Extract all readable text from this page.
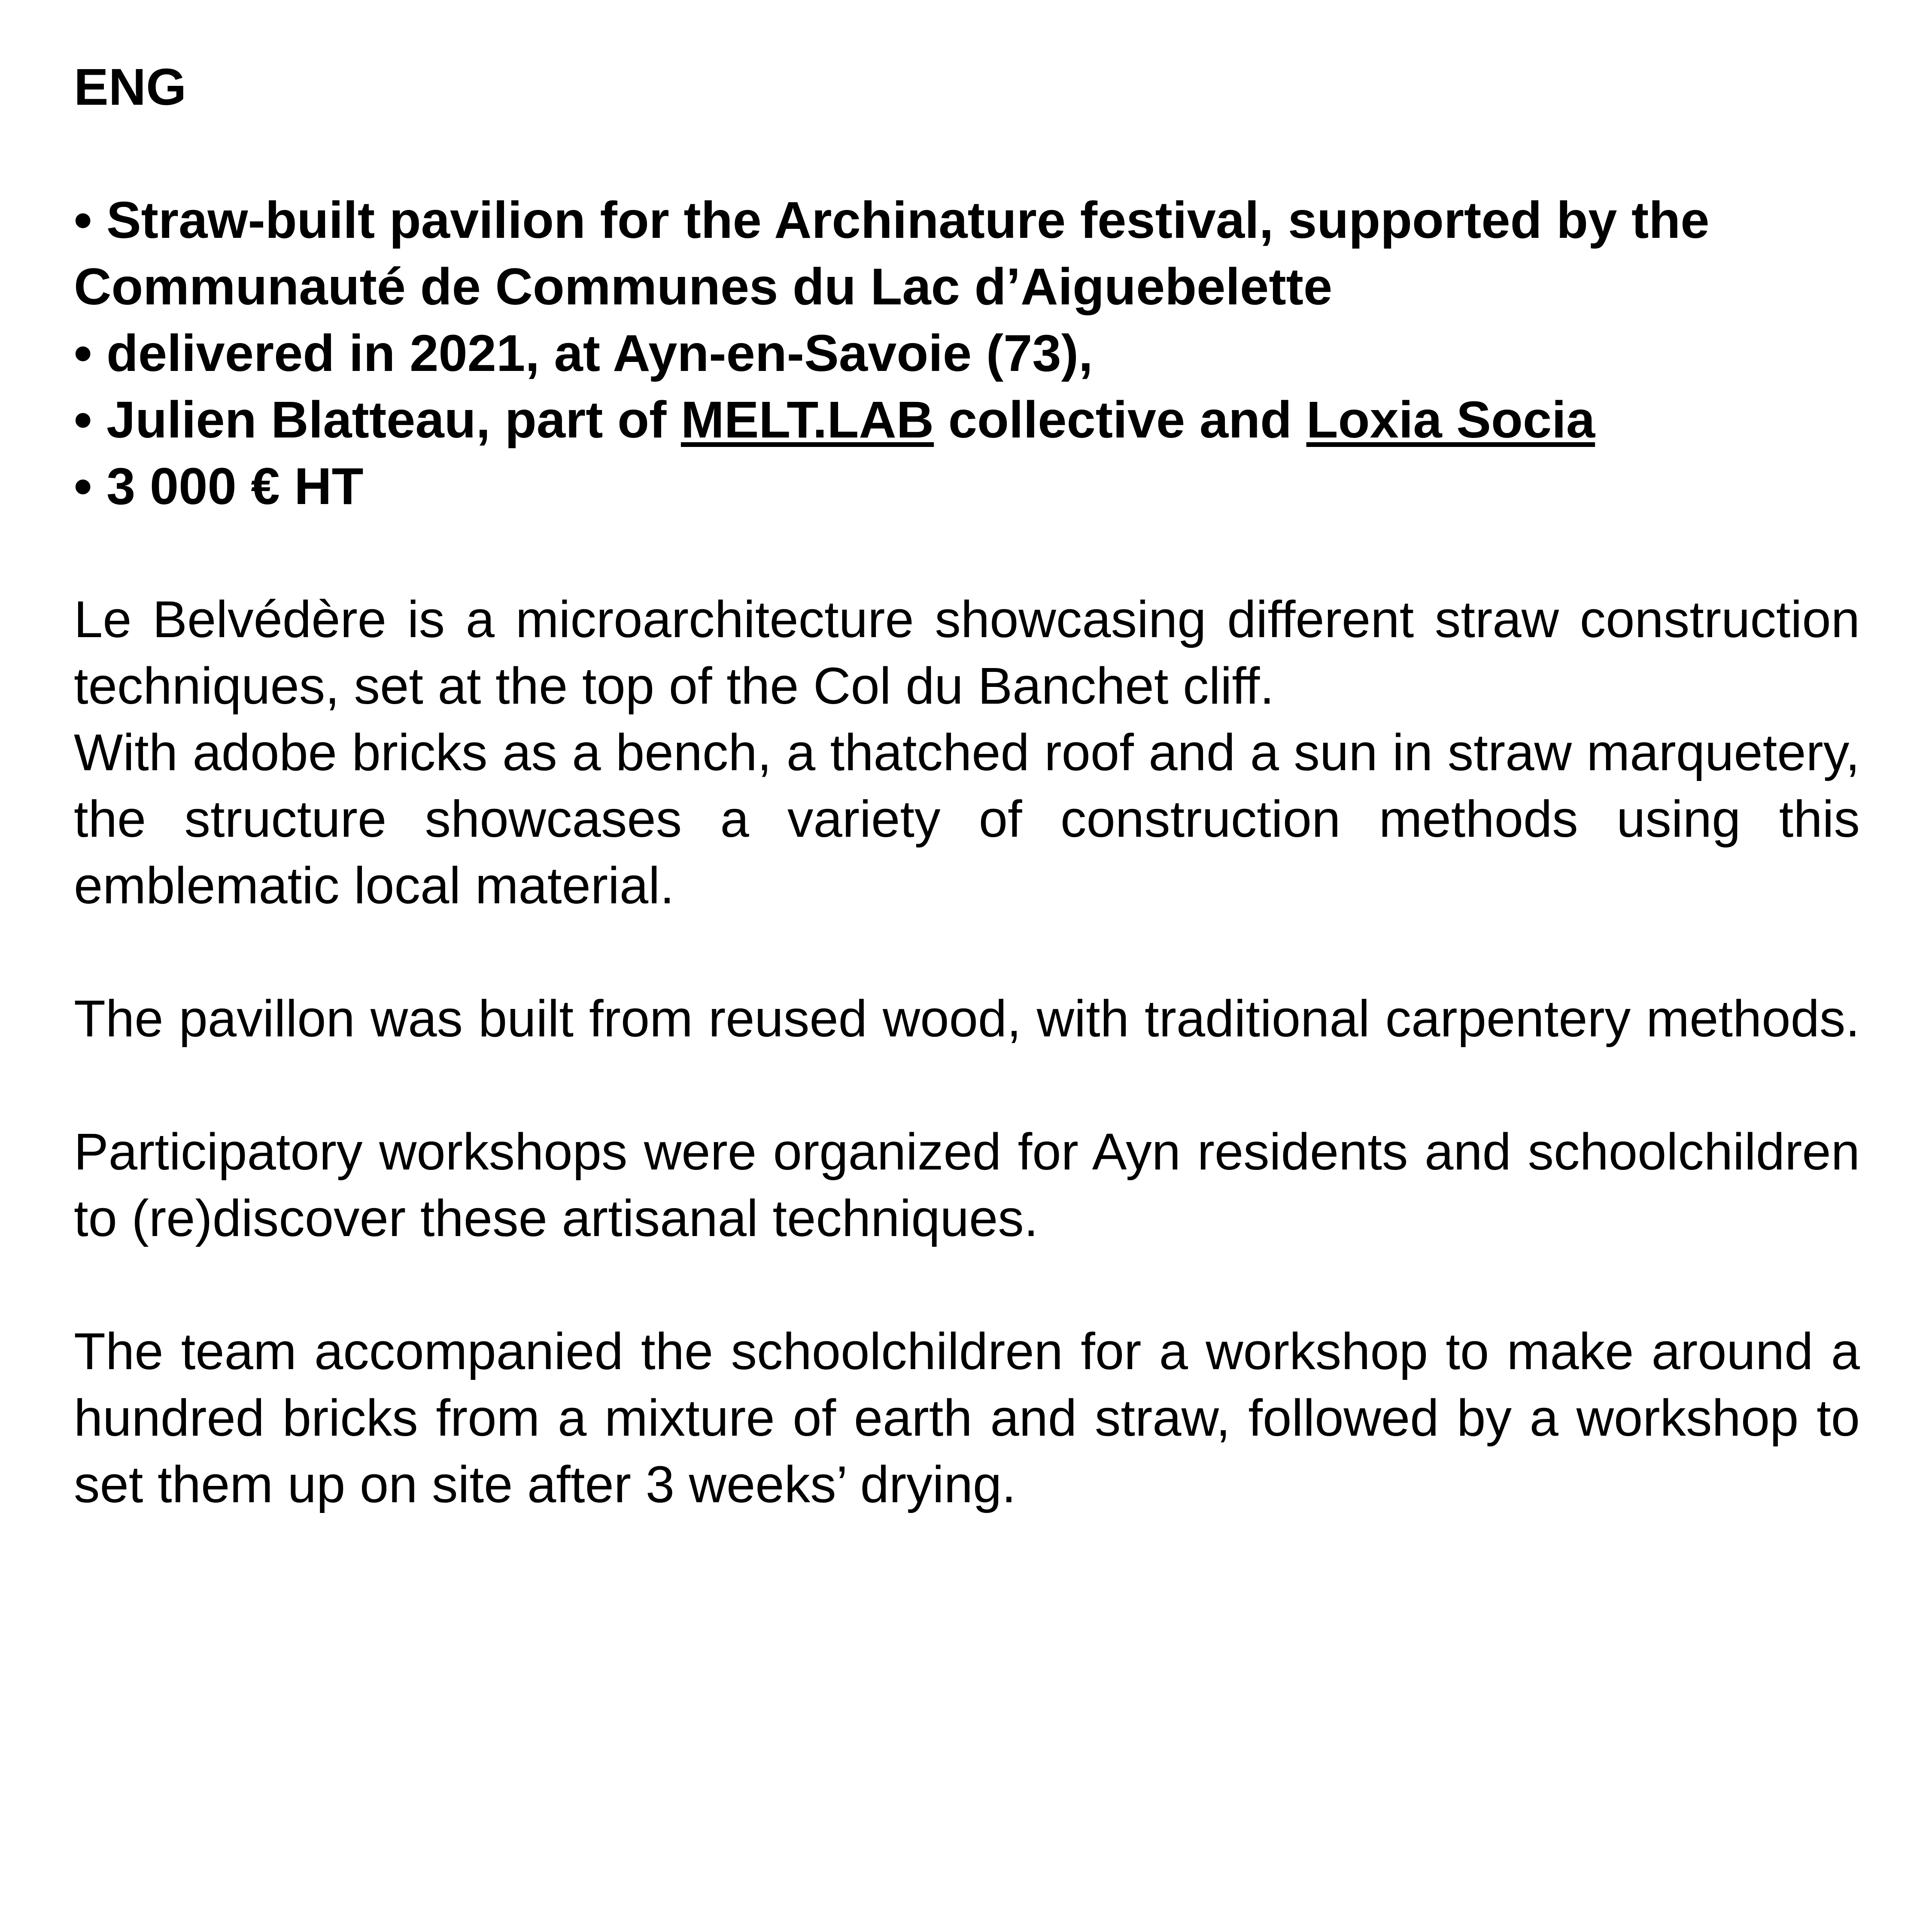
ENG
• Straw-built pavilion for the Archinature festival, supported by the
Communauté de Communes du Lac d’Aiguebelette
• delivered in 2021, at Ayn-en-Savoie (73),
• Julien Blatteau, part of MELT.LAB collective and Loxia Socia
• 3 000 € HT
Le Belvédère is a microarchitecture showcasing different straw construction
techniques, set at the top of the Col du Banchet cliff.
With adobe bricks as a bench, a thatched roof and a sun in straw marquetery,
the structure showcases a variety of construction methods using this
emblematic local material.
The pavillon was built from reused wood, with traditional carpentery methods.
Participatory workshops were organized for Ayn residents and schoolchildren
to (re)discover these artisanal techniques.
The team accompanied the schoolchildren for a workshop to make around a
hundred bricks from a mixture of earth and straw, followed by a workshop to
set them up on site after 3 weeks’ drying.
